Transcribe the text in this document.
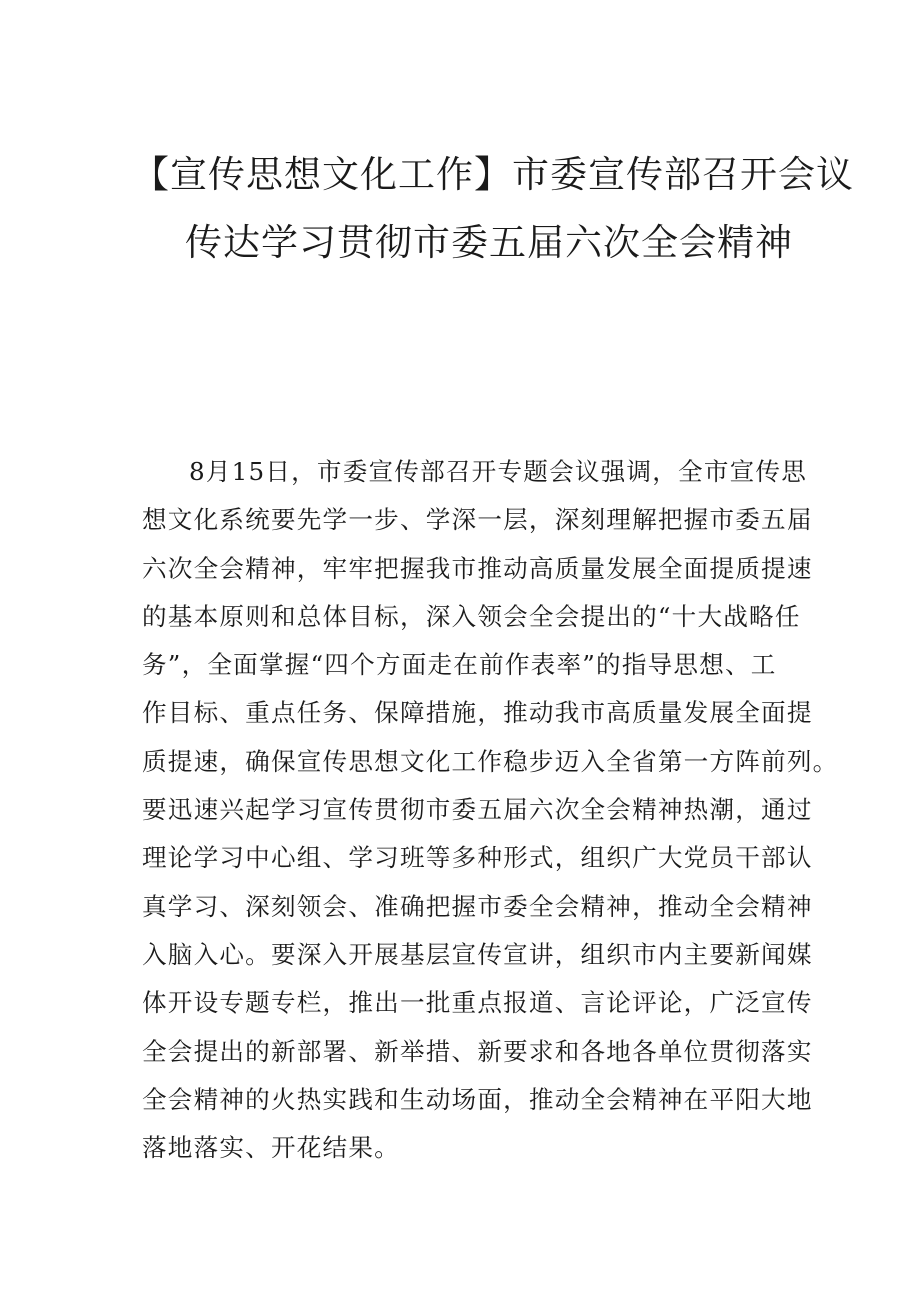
【宣传思想文化工作】市委宣传部召开会议
传达学习贯彻市委五届六次全会精神

8月15日，市委宣传部召开专题会议强调，全市宣传思
想文化系统要先学一步、学深一层，深刻理解把握市委五届
六次全会精神，牢牢把握我市推动高质量发展全面提质提速
的基本原则和总体目标，深入领会全会提出的“十大战略任
务”，全面掌握“四个方面走在前作表率”的指导思想、工
作目标、重点任务、保障措施，推动我市高质量发展全面提
质提速，确保宣传思想文化工作稳步迈入全省第一方阵前列。
要迅速兴起学习宣传贯彻市委五届六次全会精神热潮，通过
理论学习中心组、学习班等多种形式，组织广大党员干部认
真学习、深刻领会、准确把握市委全会精神，推动全会精神
入脑入心。要深入开展基层宣传宣讲，组织市内主要新闻媒
体开设专题专栏，推出一批重点报道、言论评论，广泛宣传
全会提出的新部署、新举措、新要求和各地各单位贯彻落实
全会精神的火热实践和生动场面，推动全会精神在平阳大地
落地落实、开花结果。
